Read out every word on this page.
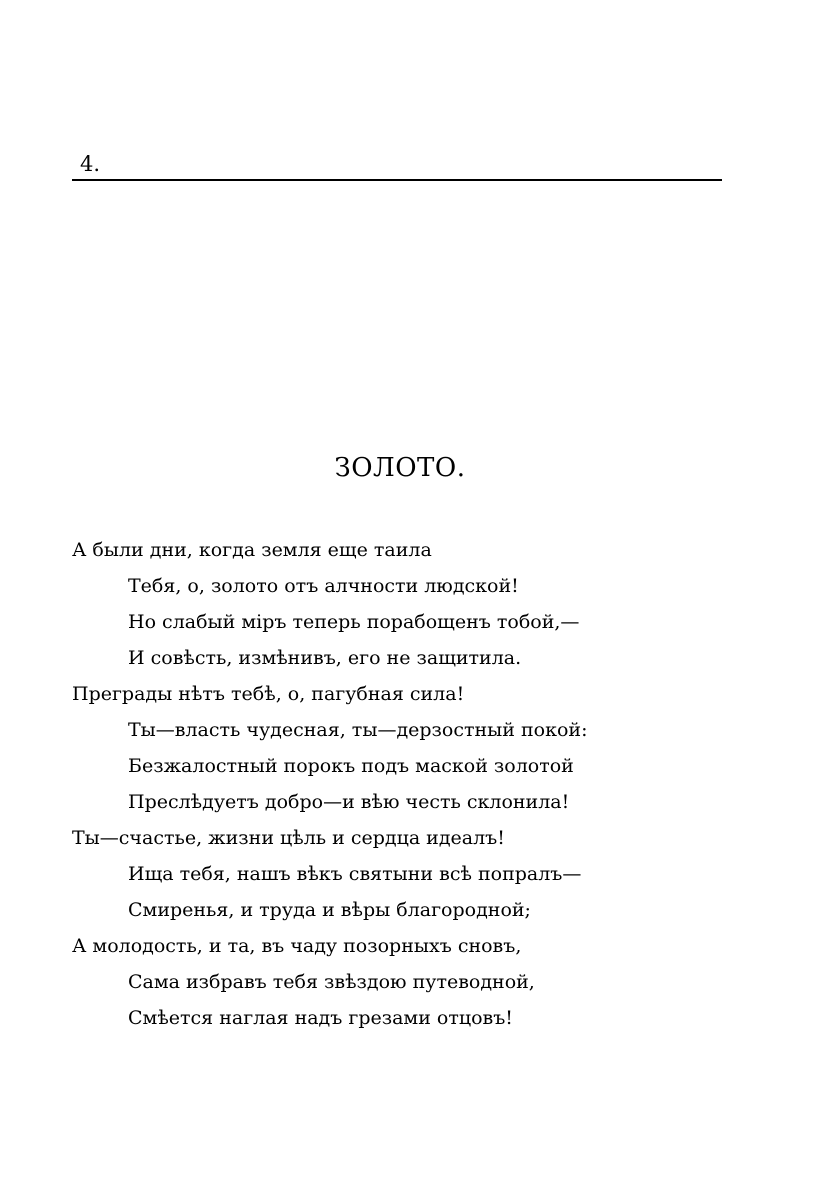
4.
ЗОЛОТО.
А были дни, когда земля еще таила
Тебя, о, золото отъ алчности людской!
Но слабый міръ теперь порабощенъ тобой,—
И совѣсть, измѣнивъ, его не защитила.
Преграды нѣтъ тебѣ, о, пагубная сила!
Ты—власть чудесная, ты—дерзостный покой:
Безжалостный порокъ подъ маской золотой
Преслѣдуетъ добро—и вѣю честь склонила!
Ты—счастье, жизни цѣль и сердца идеалъ!
Ища тебя, нашъ вѣкъ святыни всѣ попралъ—
Смиренья, и труда и вѣры благородной;
А молодость, и та, въ чаду позорныхъ сновъ,
Сама избравъ тебя звѣздою путеводной,
Смѣется наглая надъ грезами отцовъ!
